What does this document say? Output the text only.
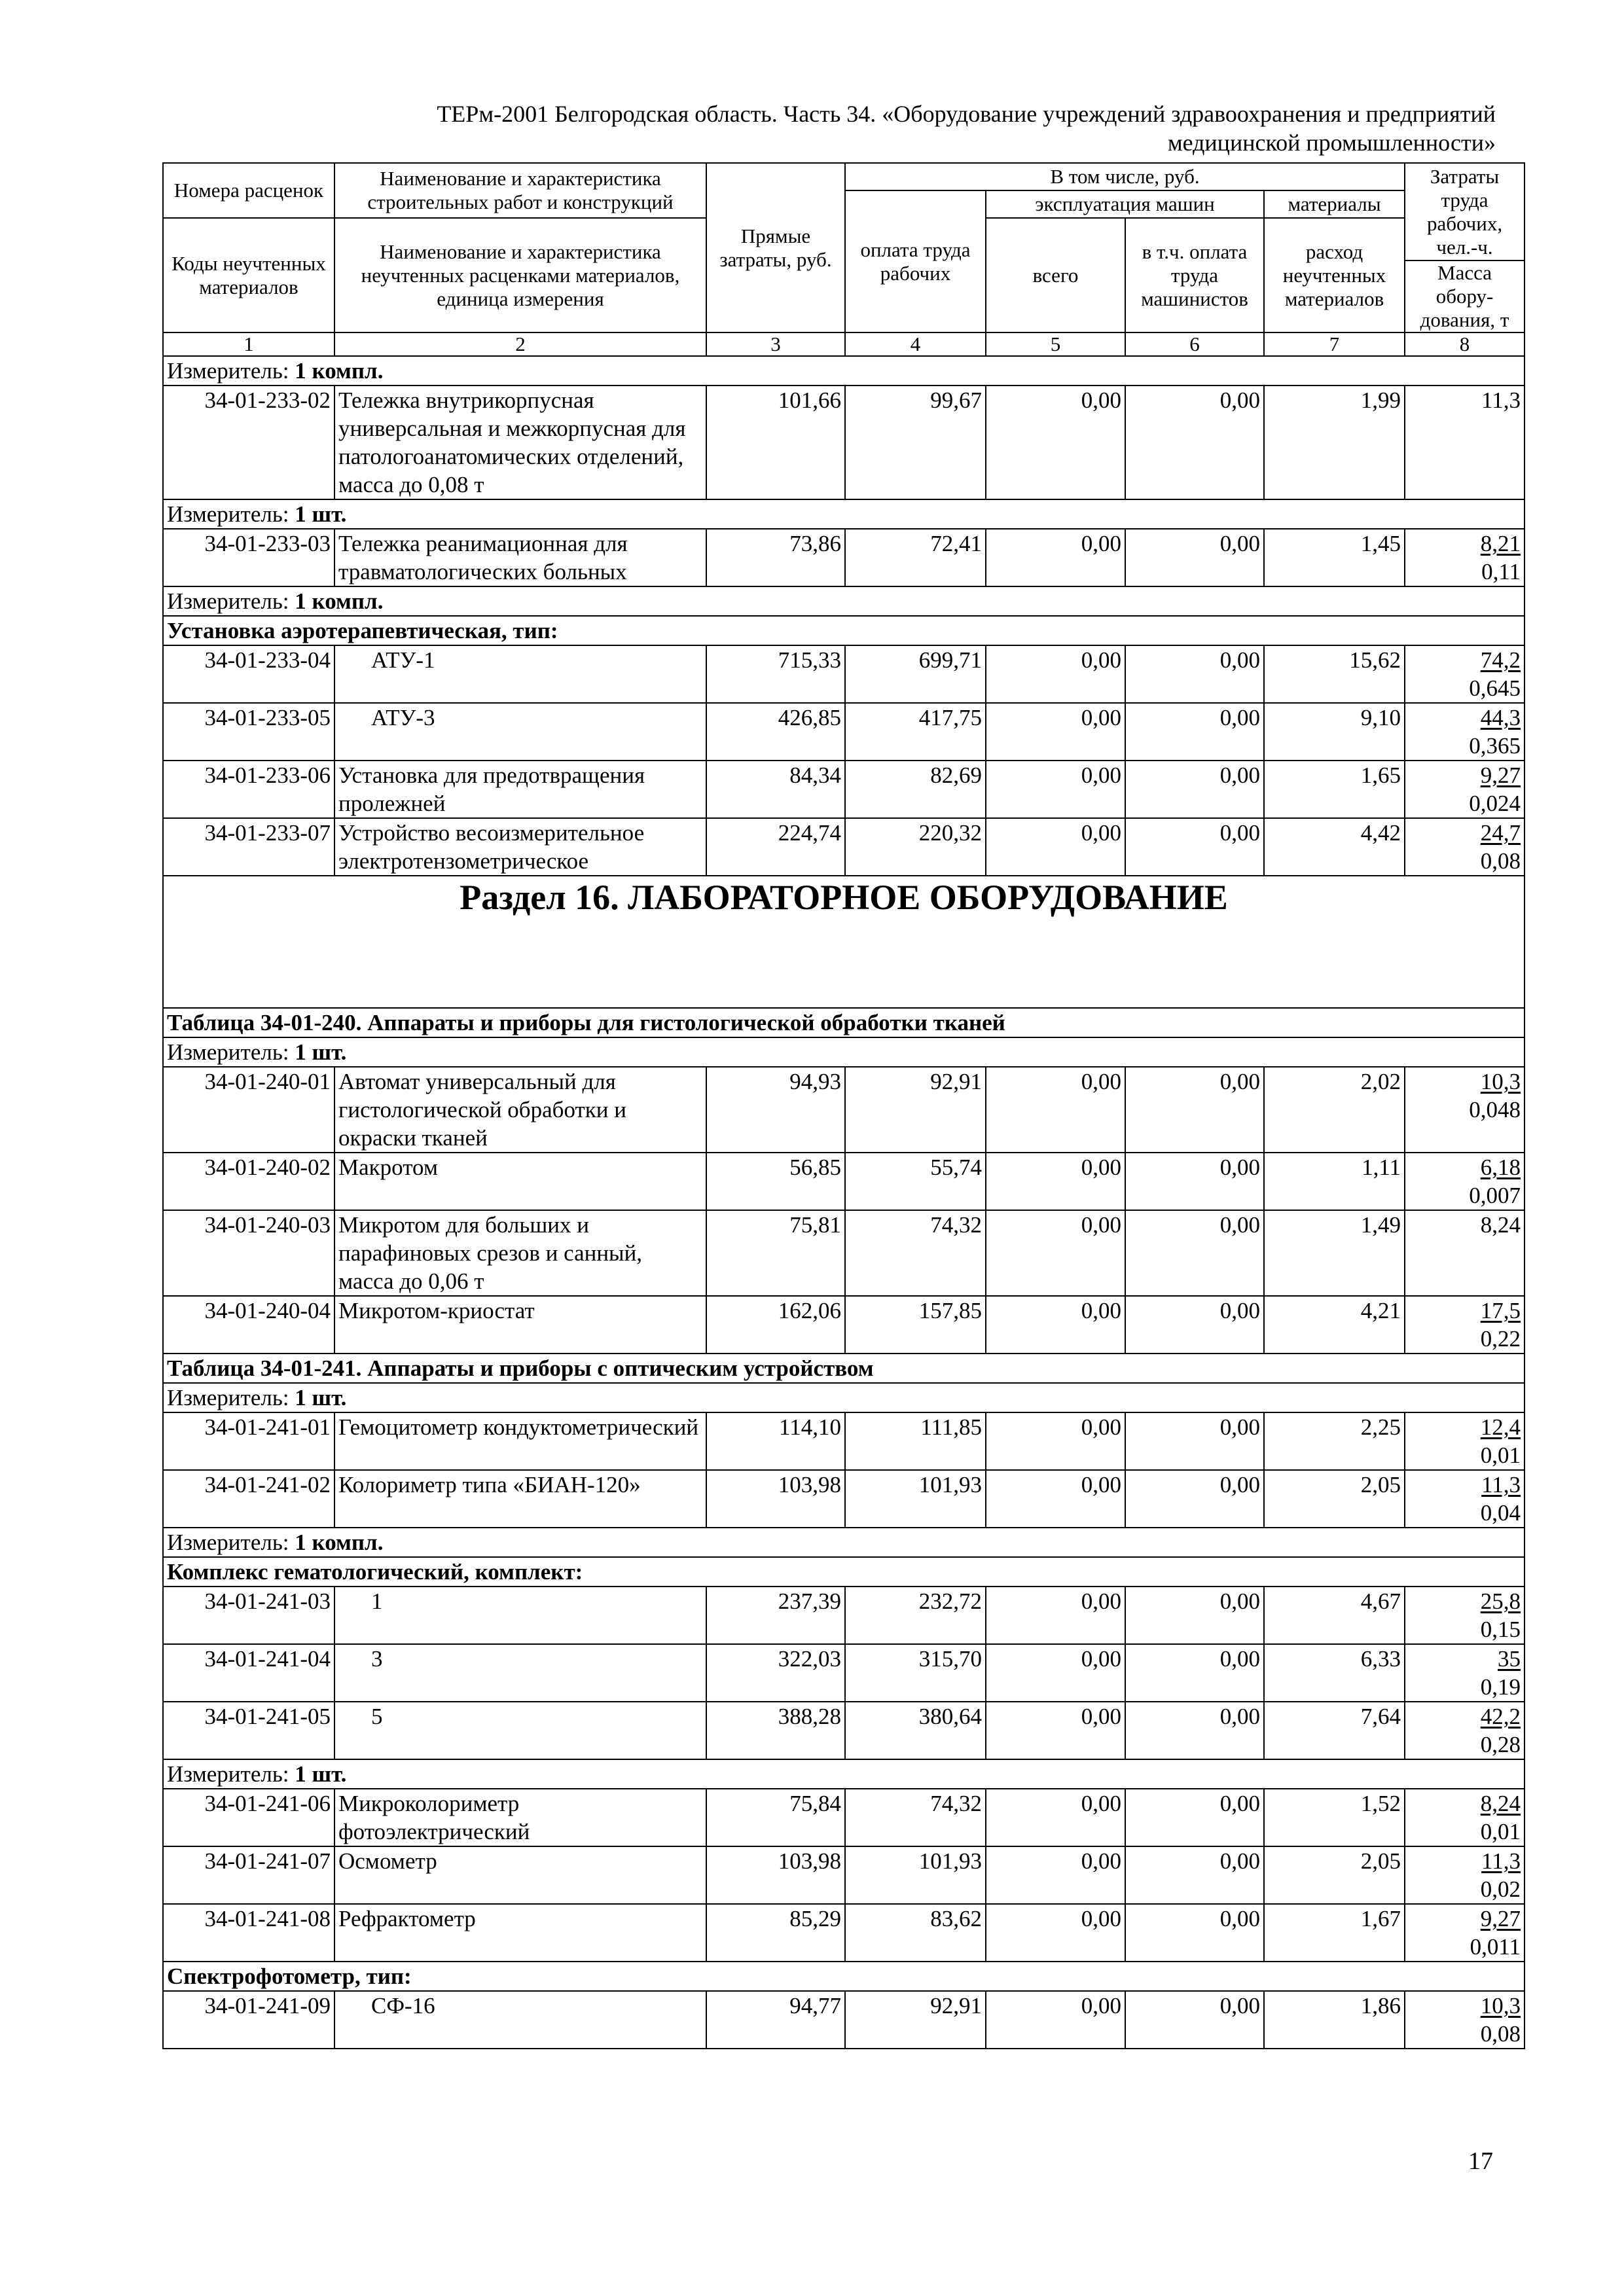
ТЕРм-2001 Белгородская область. Часть 34. «Оборудование учреждений здравоохранения и предприятий
медицинской промышленности»
Номера расценок	Наименование и характеристика строительных работ и конструкций	Прямые затраты, руб.	В том числе, руб.				Затраты труда рабочих, чел.-ч.
			оплата труда рабочих	эксплуатация машин		материалы	
Коды неучтенных материалов	Наименование и характеристика неучтенных расценками материалов, единица измерения			всего	в т.ч. оплата труда машинистов	расход неучтенных материалов	
							Масса обору-дования, т
1	2	3	4	5	6	7	8
Измеритель: 1 компл.							
34-01-233-02	Тележка внутрикорпусная универсальная и межкорпусная для патологоанатомических отделений, масса до 0,08 т	101,66	99,67	0,00	0,00	1,99	11,3

Измеритель: 1 шт.							
34-01-233-03	Тележка реанимационная для травматологических больных	73,86	72,41	0,00	0,00	1,45	8,21
0,11

Измеритель: 1 компл.							
Установка аэротерапевтическая, тип:							
34-01-233-04	АТУ-1	715,33	699,71	0,00	0,00	15,62	74,2
0,645

34-01-233-05	АТУ-3	426,85	417,75	0,00	0,00	9,10	44,3
0,365

34-01-233-06	Установка для предотвращения пролежней	84,34	82,69	0,00	0,00	1,65	9,27
0,024

34-01-233-07	Устройство весоизмерительное электротензометрическое	224,74	220,32	0,00	0,00	4,42	24,7
0,08

Раздел 16. ЛАБОРАТОРНОЕ ОБОРУДОВАНИЕ							

Таблица 34-01-240. Аппараты и приборы для гистологической обработки тканей							
Измеритель: 1 шт.							
34-01-240-01	Автомат универсальный для гистологической обработки и окраски тканей	94,93	92,91	0,00	0,00	2,02	10,3
0,048

34-01-240-02	Макротом	56,85	55,74	0,00	0,00	1,11	6,18
0,007

34-01-240-03	Микротом для больших и парафиновых срезов и санный, масса до 0,06 т	75,81	74,32	0,00	0,00	1,49	8,24

34-01-240-04	Микротом-криостат	162,06	157,85	0,00	0,00	4,21	17,5
0,22

Таблица 34-01-241. Аппараты и приборы с оптическим устройством							
Измеритель: 1 шт.							
34-01-241-01	Гемоцитометр кондуктометрический	114,10	111,85	0,00	0,00	2,25	12,4
0,01

34-01-241-02	Колориметр типа «БИАН-120»	103,98	101,93	0,00	0,00	2,05	11,3
0,04

Измеритель: 1 компл.							
Комплекс гематологический, комплект:							
34-01-241-03	1	237,39	232,72	0,00	0,00	4,67	25,8
0,15

34-01-241-04	3	322,03	315,70	0,00	0,00	6,33	35
0,19

34-01-241-05	5	388,28	380,64	0,00	0,00	7,64	42,2
0,28

Измеритель: 1 шт.							
34-01-241-06	Микроколориметр фотоэлектрический	75,84	74,32	0,00	0,00	1,52	8,24
0,01

34-01-241-07	Осмометр	103,98	101,93	0,00	0,00	2,05	11,3
0,02

34-01-241-08	Рефрактометр	85,29	83,62	0,00	0,00	1,67	9,27
0,011

Спектрофотометр, тип:							
34-01-241-09	СФ-16	94,77	92,91	0,00	0,00	1,86	10,3
0,08
17
